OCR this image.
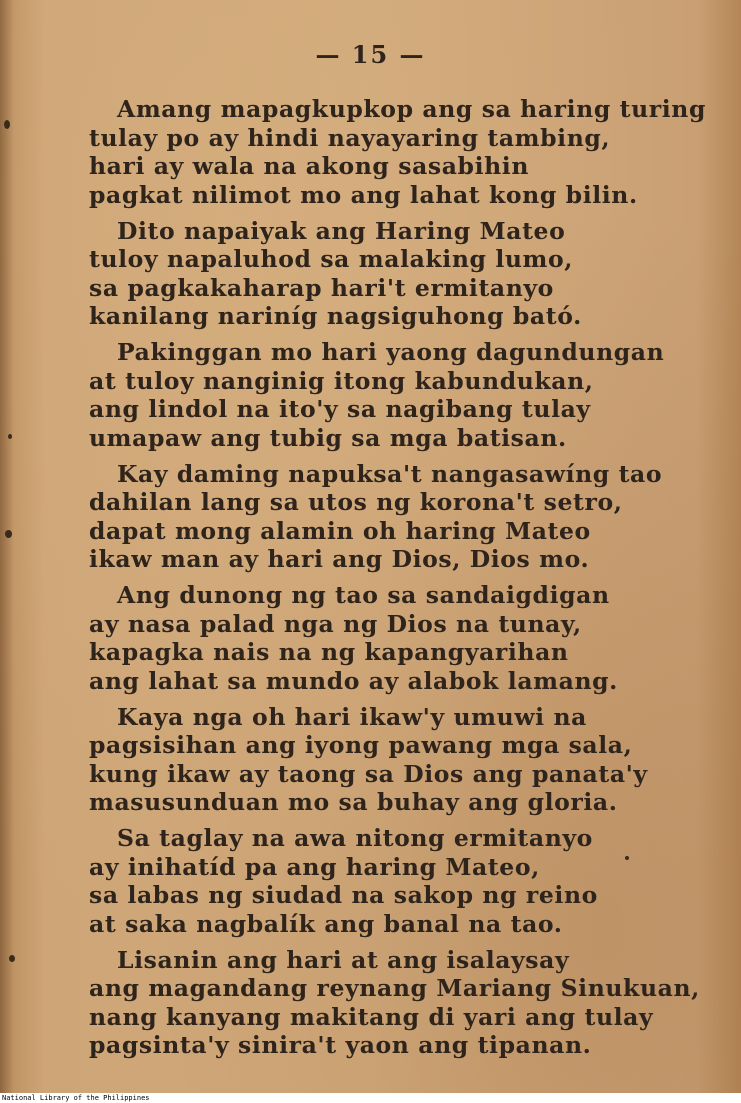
— 15 —
Amang mapagkupkop ang sa haring turing
tulay po ay hindi nayayaring tambing,
hari ay wala na akong sasabihin
pagkat nilimot mo ang lahat kong bilin.
Dito napaiyak ang Haring Mateo
tuloy napaluhod sa malaking lumo,
sa pagkakaharap hari't ermitanyo
kanilang nariníg nagsiguhong bató.
Pakinggan mo hari yaong dagundungan
at tuloy nanginig itong kabundukan,
ang lindol na ito'y sa nagibang tulay
umapaw ang tubig sa mga batisan.
Kay daming napuksa't nangasawíng tao
dahilan lang sa utos ng korona't setro,
dapat mong alamin oh haring Mateo
ikaw man ay hari ang Dios, Dios mo.
Ang dunong ng tao sa sandaigdigan
ay nasa palad nga ng Dios na tunay,
kapagka nais na ng kapangyarihan
ang lahat sa mundo ay alabok lamang.
Kaya nga oh hari ikaw'y umuwi na
pagsisihan ang iyong pawang mga sala,
kung ikaw ay taong sa Dios ang panata'y
masusunduan mo sa buhay ang gloria.
Sa taglay na awa nitong ermitanyo
ay inihatíd pa ang haring Mateo,
sa labas ng siudad na sakop ng reino
at saka nagbalík ang banal na tao.
Lisanin ang hari at ang isalaysay
ang magandang reynang Mariang Sinukuan,
nang kanyang makitang di yari ang tulay
pagsinta'y sinira't yaon ang tipanan.
National Library of the Philippines
